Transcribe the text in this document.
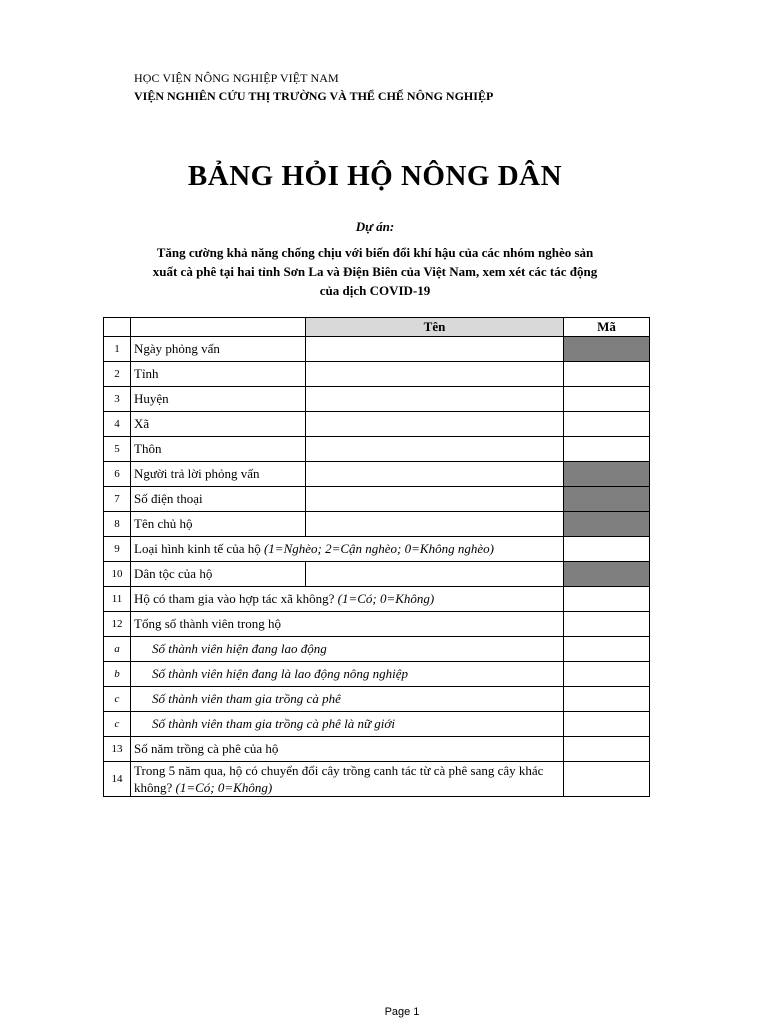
HỌC VIỆN NÔNG NGHIỆP VIỆT NAM
VIỆN NGHIÊN CỨU THỊ TRƯỜNG VÀ THỂ CHẾ NÔNG NGHIỆP
BẢNG HỎI HỘ NÔNG DÂN
Dự án:
Tăng cường khả năng chống chịu với biến đổi khí hậu của các nhóm nghèo sản xuất cà phê tại hai tỉnh Sơn La và Điện Biên của Việt Nam, xem xét các tác động của dịch COVID-19
		Tên	Mã
1	Ngày phỏng vấn		
2	Tỉnh		
3	Huyện		
4	Xã		
5	Thôn		
6	Người trả lời phỏng vấn		
7	Số điện thoại		
8	Tên chủ hộ		
9	Loại hình kinh tế của hộ (1=Nghèo; 2=Cận nghèo; 0=Không nghèo)		
10	Dân tộc của hộ		
11	Hộ có tham gia vào hợp tác xã không? (1=Có; 0=Không)		
12	Tổng số thành viên trong hộ		
a	Số thành viên hiện đang lao động		
b	Số thành viên hiện đang là lao động nông nghiệp		
c	Số thành viên tham gia trồng cà phê		
c	Số thành viên tham gia trồng cà phê là nữ giới		
13	Số năm trồng cà phê của hộ		
14	Trong 5 năm qua, hộ có chuyển đổi cây trồng canh tác từ cà phê sang cây khác không? (1=Có; 0=Không)		
Page 1
